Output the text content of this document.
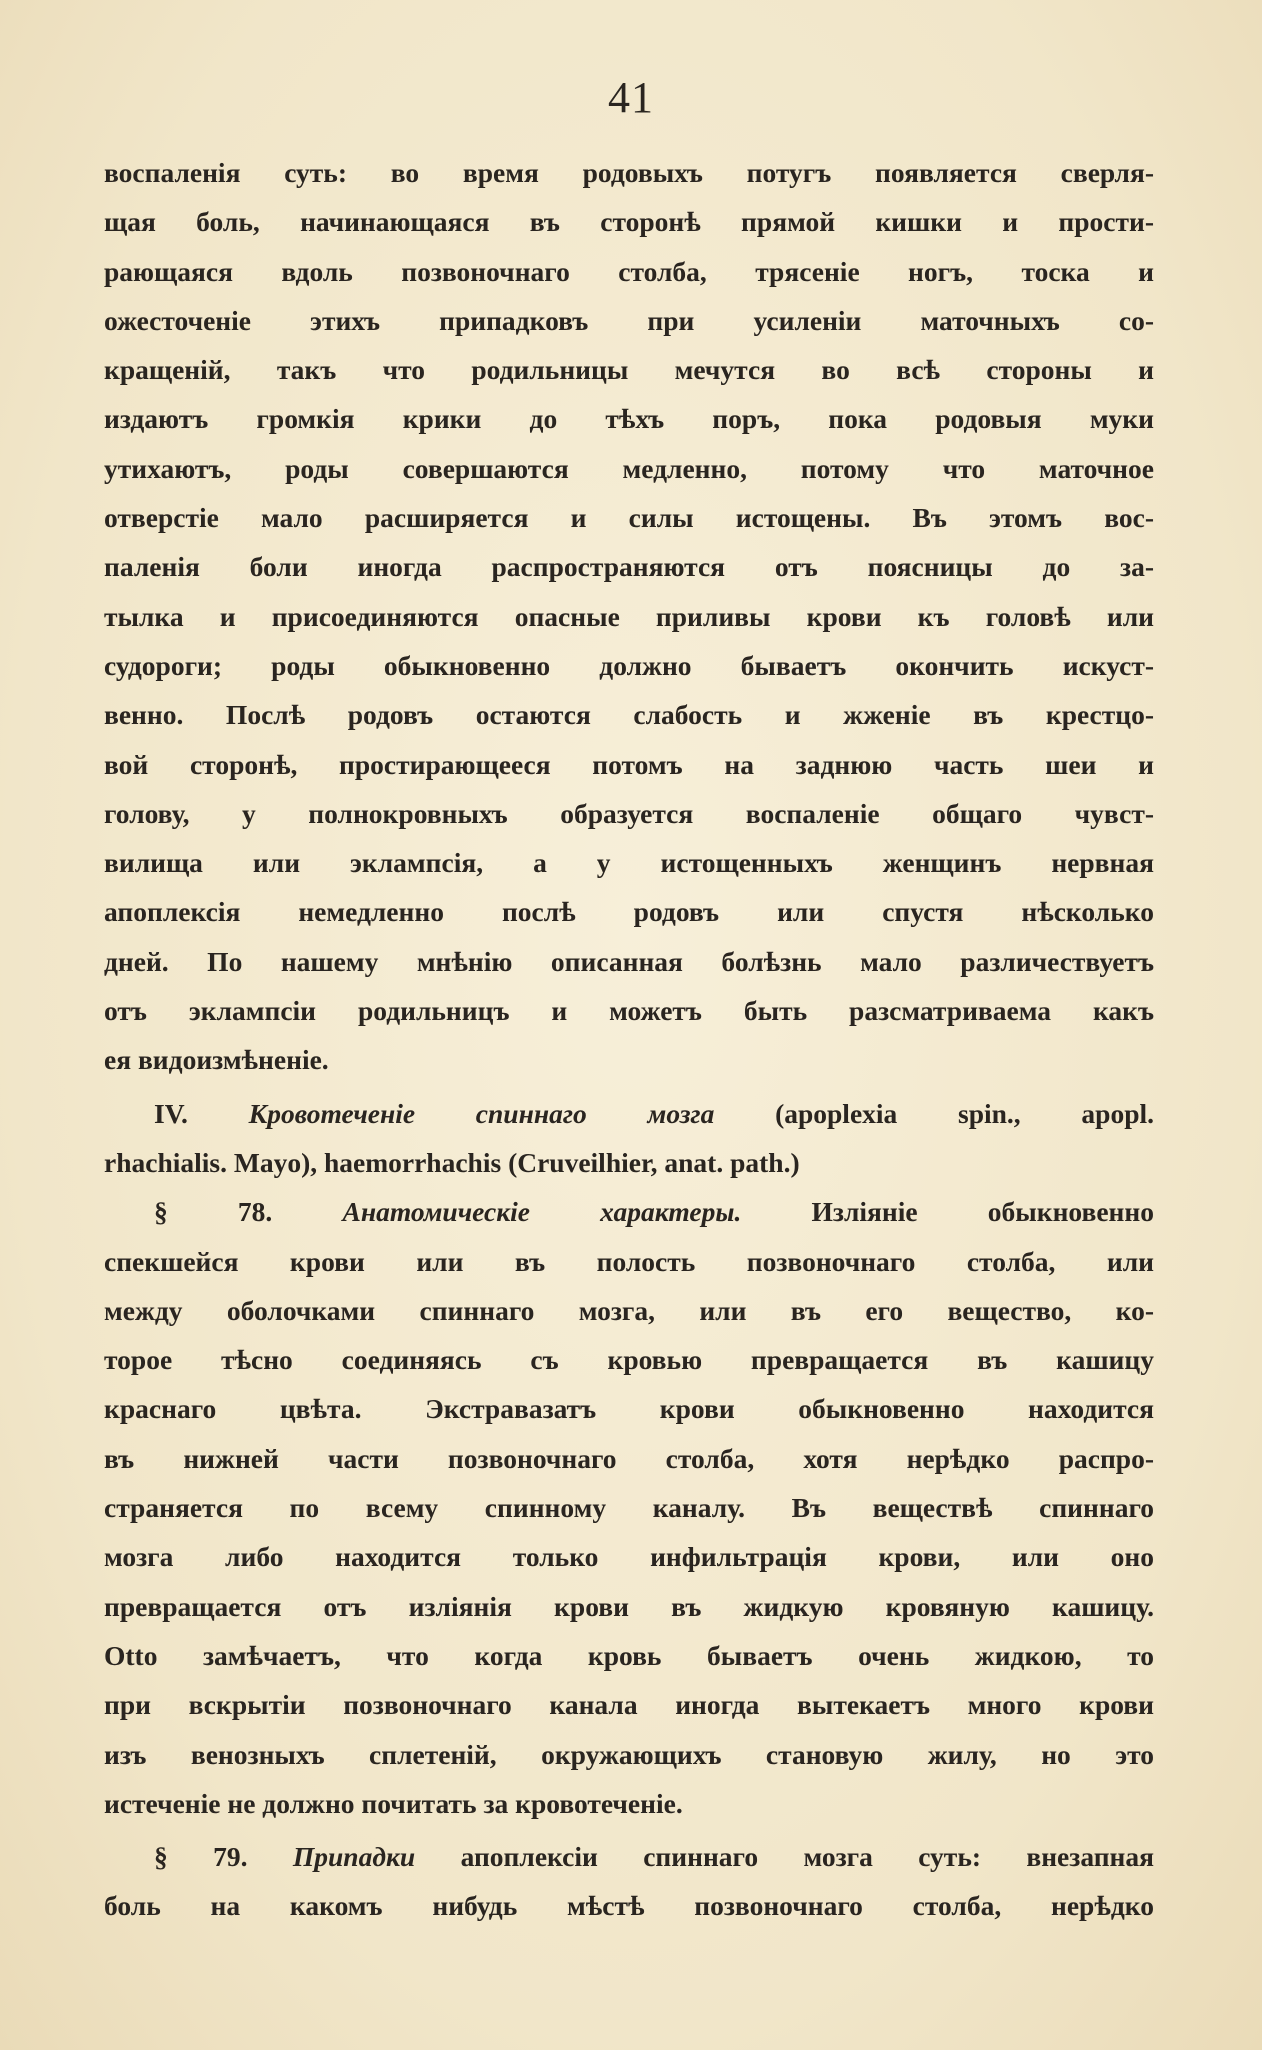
41
воспаленія суть: во время родовыхъ потугъ появляется сверля-
щая боль, начинающаяся въ сторонѣ прямой кишки и прости-
рающаяся вдоль позвоночнаго столба, трясеніе ногъ, тоска и
ожесточеніе этихъ припадковъ при усиленіи маточныхъ со-
кращеній, такъ что родильницы мечутся во всѣ стороны и
издаютъ громкія крики до тѣхъ поръ, пока родовыя муки
утихаютъ, роды совершаются медленно, потому что маточное
отверстіе мало расширяется и силы истощены. Въ этомъ вос-
паленія боли иногда распространяются отъ поясницы до за-
тылка и присоединяются опасные приливы крови къ головѣ или
судороги; роды обыкновенно должно бываетъ окончить искуст-
венно. Послѣ родовъ остаются слабость и жженіе въ крестцо-
вой сторонѣ, простирающееся потомъ на заднюю часть шеи и
голову, у полнокровныхъ образуется воспаленіе общаго чувст-
вилища или эклампсія, а у истощенныхъ женщинъ нервная
апоплексія немедленно послѣ родовъ или спустя нѣсколько
дней. По нашему мнѣнію описанная болѣзнь мало различествуетъ
отъ эклампсіи родильницъ и можетъ быть разсматриваема какъ
ея видоизмѣненіе.
IV. Кровотеченіе спиннаго мозга (apoplexia spin., apopl.
rhachialis. Mayo), haemorrhachis (Cruveilhier, anat. path.)
§ 78.	Анатомическіе характеры.	Изліяніе обыкновенно
спекшейся крови или въ полость позвоночнаго столба, или
между оболочками спиннаго мозга, или въ его вещество, ко-
торое тѣсно соединяясь съ кровью превращается въ кашицу
краснаго цвѣта. Экстравазатъ крови обыкновенно находится
въ нижней части позвоночнаго столба, хотя нерѣдко распро-
страняется по всему спинному каналу. Въ веществѣ спиннаго
мозга либо находится только инфильтрація крови, или оно
превращается отъ изліянія крови въ жидкую кровяную кашицу.
Otto замѣчаетъ, что когда кровь бываетъ очень жидкою, то
при вскрытіи позвоночнаго канала иногда вытекаетъ много крови
изъ венозныхъ сплетеній, окружающихъ становую жилу, но это
истеченіе не должно почитать за кровотеченіе.
§ 79. Припадки апоплексіи спиннаго мозга суть: внезапная
боль на какомъ нибудь мѣстѣ позвоночнаго столба, нерѣдко
